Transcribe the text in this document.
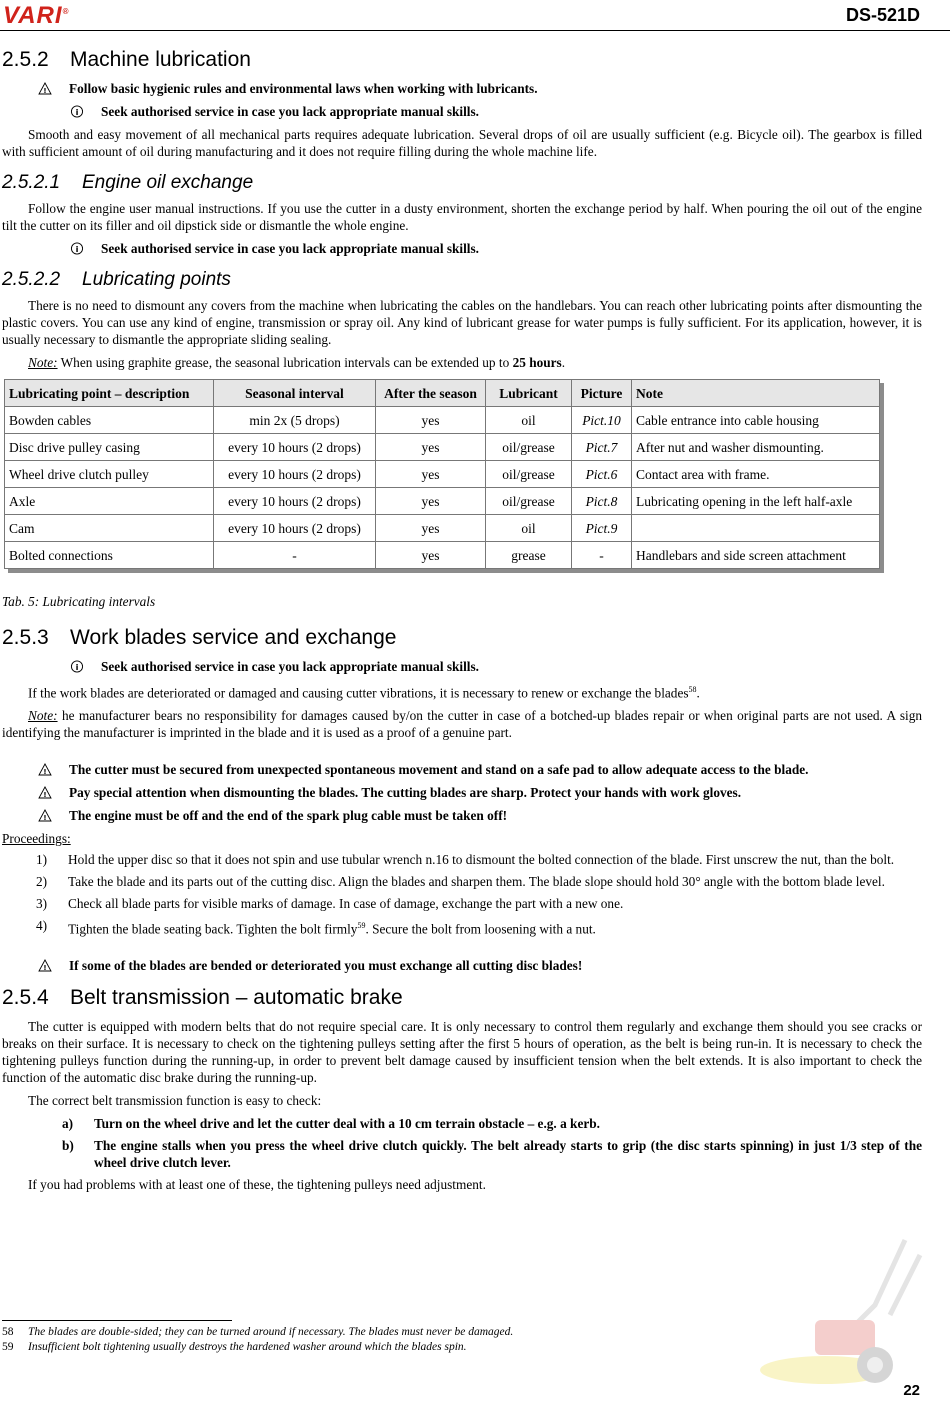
VARI®	DS-521D
2.5.2 Machine lubrication
! Follow basic hygienic rules and environmental laws when working with lubricants.
i Seek authorised service in case you lack appropriate manual skills.

Smooth and easy movement of all mechanical parts requires adequate lubrication. Several drops of oil are usually sufficient (e.g. Bicycle oil). The gearbox is filled with sufficient amount of oil during manufacturing and it does not require filling during the whole machine life.

2.5.2.1 Engine oil exchange

Follow the engine user manual instructions. If you use the cutter in a dusty environment, shorten the exchange period by half. When pouring the oil out of the engine tilt the cutter on its filler and oil dipstick side or dismantle the whole engine.

i Seek authorised service in case you lack appropriate manual skills.
2.5.2.2 Lubricating points

There is no need to dismount any covers from the machine when lubricating the cables on the handlebars. You can reach other lubricating points after dismounting the plastic covers. You can use any kind of engine, transmission or spray oil. Any kind of lubricant grease for water pumps is fully sufficient. For its application, however, it is usually necessary to dismantle the appropriate sliding sealing.

Note: When using graphite grease, the seasonal lubrication intervals can be extended up to 25 hours.

Lubricating point – description	Seasonal interval	After the season	Lubricant	Picture	Note
Bowden cables	min 2x (5 drops)	yes	oil	Pict.10	Cable entrance into cable housing
Disc drive pulley casing	every 10 hours (2 drops)	yes	oil/grease	Pict.7	After nut and washer dismounting.
Wheel drive clutch pulley	every 10 hours (2 drops)	yes	oil/grease	Pict.6	Contact area with frame.
Axle	every 10 hours (2 drops)	yes	oil/grease	Pict.8	Lubricating opening in the left half-axle
Cam	every 10 hours (2 drops)	yes	oil	Pict.9	
Bolted connections	-	yes	grease	-	Handlebars and side screen attachment
Tab. 5: Lubricating intervals
2.5.3 Work blades service and exchange
i Seek authorised service in case you lack appropriate manual skills.

If the work blades are deteriorated or damaged and causing cutter vibrations, it is necessary to renew or exchange the blades$^{58}$.

Note: he manufacturer bears no responsibility for damages caused by/on the cutter in case of a botched-up blades repair or when original parts are not used. A sign identifying the manufacturer is imprinted in the blade and it is used as a proof of a genuine part.

! The cutter must be secured from unexpected spontaneous movement and stand on a safe pad to allow adequate access to the blade.
! Pay special attention when dismounting the blades. The cutting blades are sharp. Protect your hands with work gloves.
! The engine must be off and the end of the spark plug cable must be taken off!
Proceedings:
1) Hold the upper disc so that it does not spin and use tubular wrench n.16 to dismount the bolted connection of the blade. First unscrew the nut, than the bolt.
2) Take the blade and its parts out of the cutting disc. Align the blades and sharpen them. The blade slope should hold 30° angle with the bottom blade level.
3) Check all blade parts for visible marks of damage. In case of damage, exchange the part with a new one.
4) Tighten the blade seating back. Tighten the bolt firmly$^{59}$. Secure the bolt from loosening with a nut.
! If some of the blades are bended or deteriorated you must exchange all cutting disc blades!
2.5.4 Belt transmission – automatic brake

The cutter is equipped with modern belts that do not require special care. It is only necessary to control them regularly and exchange them should you see cracks or breaks on their surface. It is necessary to check on the tightening pulleys setting after the first 5 hours of operation, as the belt is being run-in. It is necessary to check the tightening pulleys function during the running-up, in order to prevent belt damage caused by insufficient tension when the belt extends. It is also important to check the function of the automatic disc brake during the running-up.

The correct belt transmission function is easy to check:

a) Turn on the wheel drive and let the cutter deal with a 10 cm terrain obstacle – e.g. a kerb.
b) The engine stalls when you press the wheel drive clutch quickly. The belt already starts to grip (the disc starts spinning) in just 1/3 step of the wheel drive clutch lever.

If you had problems with at least one of these, the tightening pulleys need adjustment.

58 The blades are double-sided; they can be turned around if necessary. The blades must never be damaged.
59 Insufficient bolt tightening usually destroys the hardened washer around which the blades spin.
22
